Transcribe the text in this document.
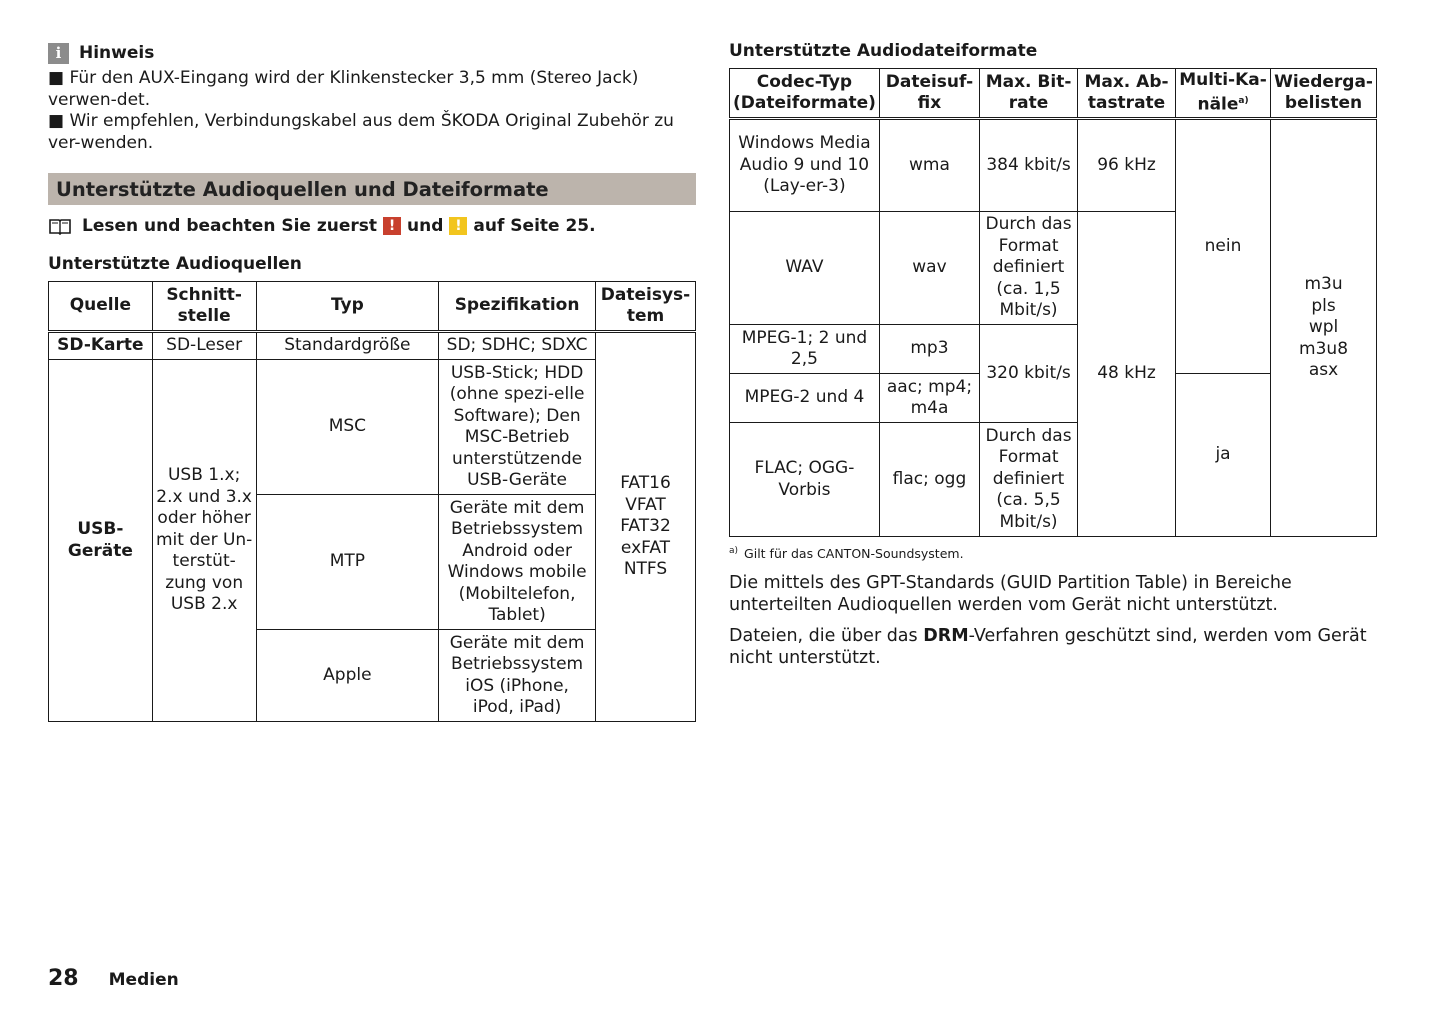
i	Hinweis

■ Für den AUX-Eingang wird der Klinkenstecker 3,5 mm (Stereo Jack) verwen-det.

■ Wir empfehlen, Verbindungskabel aus dem ŠKODA Original Zubehör zu ver-wenden.

Unterstützte Audioquellen und Dateiformate
Lesen und beachten Sie zuerst ! und ! auf Seite 25.
Unterstützte Audioquellen
Quelle	Schnitt-stelle	Typ	Spezifikation	Dateisys-tem
SD-Karte	SD-Leser	Standardgröße	SD; SDHC; SDXC	FAT16
VFAT
FAT32
exFAT
NTFS

USB-Geräte	USB 1.x; 2.x und 3.x oder höher mit der Un-terstüt-zung von USB 2.x	MSC	USB-Stick; HDD (ohne spezi-elle Software); Den MSC-Betrieb unterstützende USB-Geräte	
		MTP	Geräte mit dem Betriebssystem Android oder Windows mobile (Mobiltelefon, Tablet)	
		Apple	Geräte mit dem Betriebssystem iOS (iPhone, iPod, iPad)	
Unterstützte Audiodateiformate
Codec-Typ (Dateiformate)	Dateisuf-fix	Max. Bit-rate	Max. Ab-tastrate	Multi-Ka-näle$^{a)}$	Wiederga-belisten
Windows Media Audio 9 und 10 (Lay-er-3)	wma	384 kbit/s	96 kHz	nein	m3u
pls
wpl
m3u8
asx

WAV	wav	Durch das Format definiert (ca. 1,5 Mbit/s)	48 kHz		
MPEG-1; 2 und 2,5	mp3	320 kbit/s			
MPEG-2 und 4	aac; mp4; m4a			ja	
FLAC; OGG-Vorbis	flac; ogg	Durch das Format definiert (ca. 5,5 Mbit/s)			
$^{a)}$ Gilt für das CANTON-Soundsystem.

Die mittels des GPT-Standards (GUID Partition Table) in Bereiche unterteilten Audioquellen werden vom Gerät nicht unterstützt.

Dateien, die über das DRM-Verfahren geschützt sind, werden vom Gerät nicht unterstützt.

28 Medien
